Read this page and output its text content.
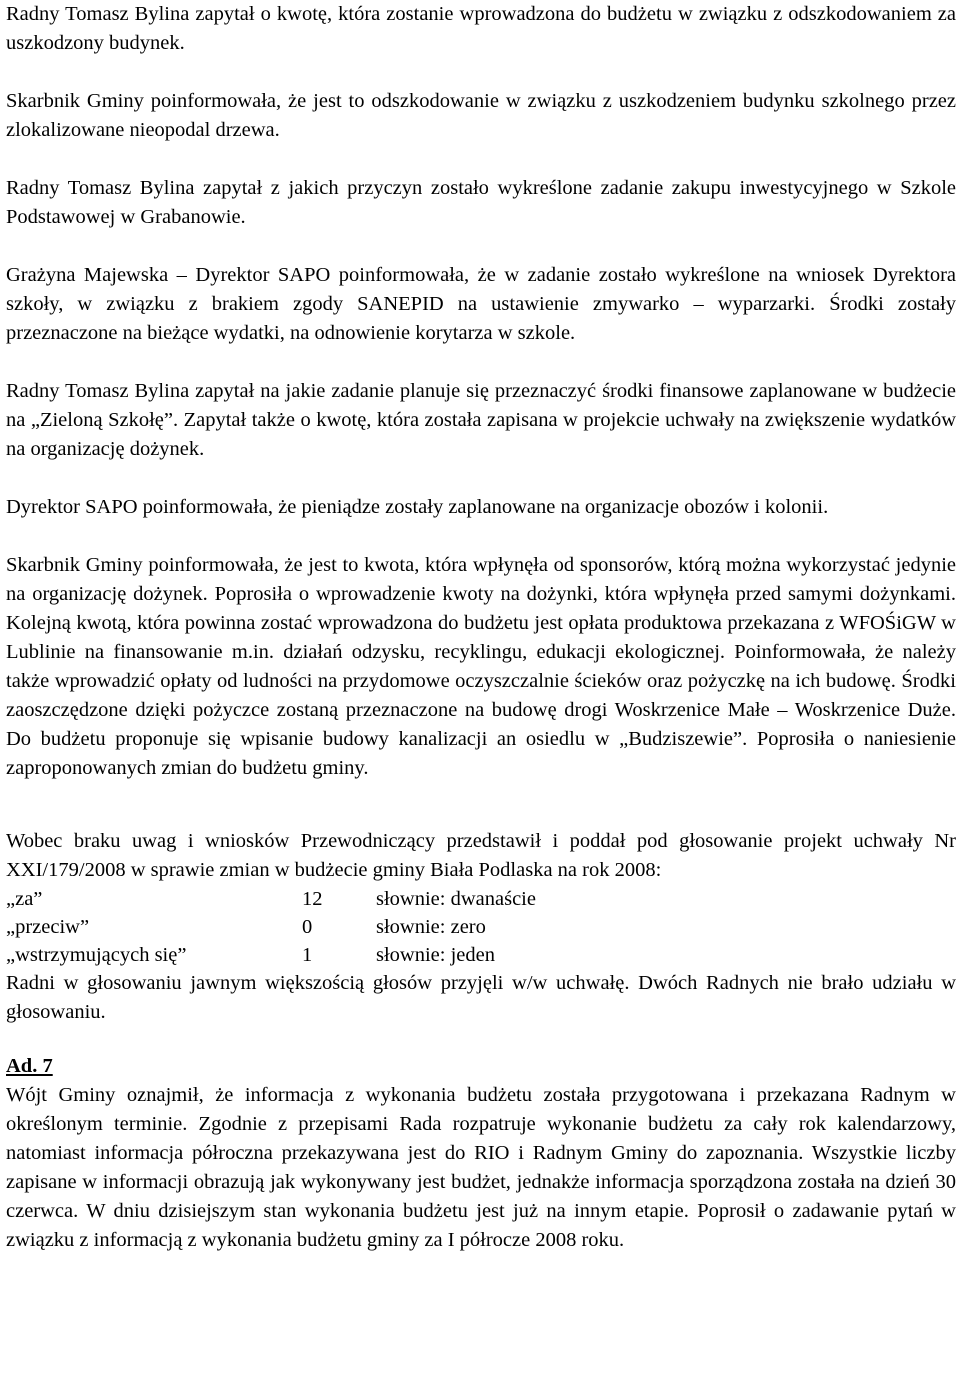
Radny Tomasz Bylina zapytał o kwotę, która zostanie wprowadzona do budżetu w związku z odszkodowaniem za uszkodzony budynek.

Skarbnik Gminy poinformowała, że jest to odszkodowanie w związku z uszkodzeniem budynku szkolnego przez zlokalizowane nieopodal drzewa.

Radny Tomasz Bylina zapytał z jakich przyczyn zostało wykreślone zadanie zakupu inwestycyjnego w Szkole Podstawowej w Grabanowie.

Grażyna Majewska – Dyrektor SAPO poinformowała, że w zadanie zostało wykreślone na wniosek Dyrektora szkoły, w związku z brakiem zgody SANEPID na ustawienie zmywarko – wyparzarki. Środki zostały przeznaczone na bieżące wydatki, na odnowienie korytarza w szkole.

Radny Tomasz Bylina zapytał na jakie zadanie planuje się przeznaczyć środki finansowe zaplanowane w budżecie na „Zieloną Szkołę”. Zapytał także o kwotę, która została zapisana w projekcie uchwały na zwiększenie wydatków na organizację dożynek.

Dyrektor SAPO poinformowała, że pieniądze zostały zaplanowane na organizacje obozów i kolonii.

Skarbnik Gminy poinformowała, że jest to kwota, która wpłynęła od sponsorów, którą można wykorzystać jedynie na organizację dożynek. Poprosiła o wprowadzenie kwoty na dożynki, która wpłynęła przed samymi dożynkami. Kolejną kwotą, która powinna zostać wprowadzona do budżetu jest opłata produktowa przekazana z WFOŚiGW w Lublinie na finansowanie m.in. działań odzysku, recyklingu, edukacji ekologicznej. Poinformowała, że należy także wprowadzić opłaty od ludności na przydomowe oczyszczalnie ścieków oraz pożyczkę na ich budowę. Środki zaoszczędzone dzięki pożyczce zostaną przeznaczone na budowę drogi Woskrzenice Małe – Woskrzenice Duże. Do budżetu proponuje się wpisanie budowy kanalizacji an osiedlu w „Budziszewie”. Poprosiła o naniesienie zaproponowanych zmian do budżetu gminy.

Wobec braku uwag i wniosków Przewodniczący przedstawił i poddał pod głosowanie projekt uchwały Nr XXI/179/2008 w sprawie zmian w budżecie gminy Biała Podlaska na rok 2008:

„za”	12	słownie: dwanaście
„przeciw”	0	słownie: zero
„wstrzymujących się”	1	słownie: jeden

Radni w głosowaniu jawnym większością głosów przyjęli w/w uchwałę. Dwóch Radnych nie brało udziału w głosowaniu.

Ad. 7

Wójt Gminy oznajmił, że informacja z wykonania budżetu została przygotowana i przekazana Radnym w określonym terminie. Zgodnie z przepisami Rada rozpatruje wykonanie budżetu za cały rok kalendarzowy, natomiast informacja półroczna przekazywana jest do RIO i Radnym Gminy do zapoznania. Wszystkie liczby zapisane w informacji obrazują jak wykonywany jest budżet, jednakże informacja sporządzona została na dzień 30 czerwca. W dniu dzisiejszym stan wykonania budżetu jest już na innym etapie. Poprosił o zadawanie pytań w związku z informacją z wykonania budżetu gminy za I półrocze 2008 roku.
